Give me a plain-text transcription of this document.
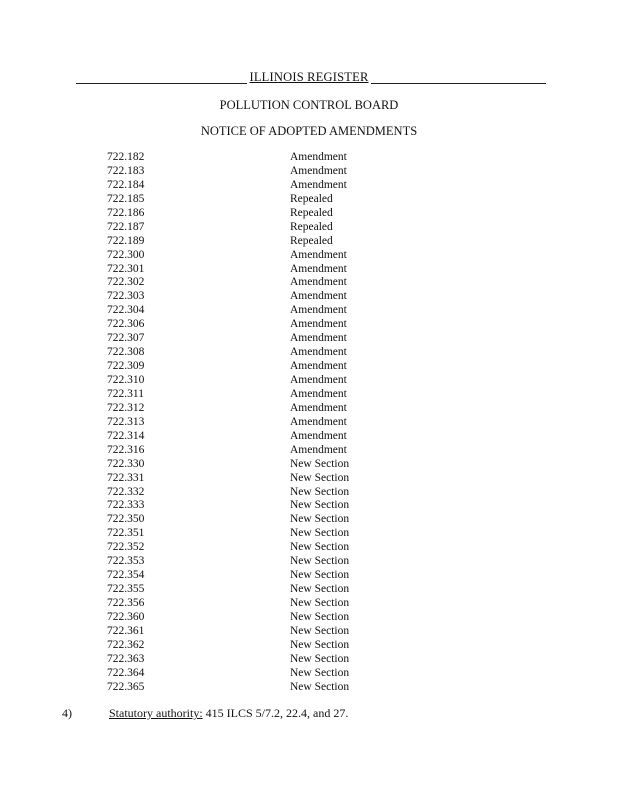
ILLINOIS REGISTER
POLLUTION CONTROL BOARD
NOTICE OF ADOPTED AMENDMENTS
722.182	Amendment
722.183	Amendment
722.184	Amendment
722.185	Repealed
722.186	Repealed
722.187	Repealed
722.189	Repealed
722.300	Amendment
722.301	Amendment
722.302	Amendment
722.303	Amendment
722.304	Amendment
722.306	Amendment
722.307	Amendment
722.308	Amendment
722.309	Amendment
722.310	Amendment
722.311	Amendment
722.312	Amendment
722.313	Amendment
722.314	Amendment
722.316	Amendment
722.330	New Section
722.331	New Section
722.332	New Section
722.333	New Section
722.350	New Section
722.351	New Section
722.352	New Section
722.353	New Section
722.354	New Section
722.355	New Section
722.356	New Section
722.360	New Section
722.361	New Section
722.362	New Section
722.363	New Section
722.364	New Section
722.365	New Section
4)	Statutory authority: 415 ILCS 5/7.2, 22.4, and 27.
